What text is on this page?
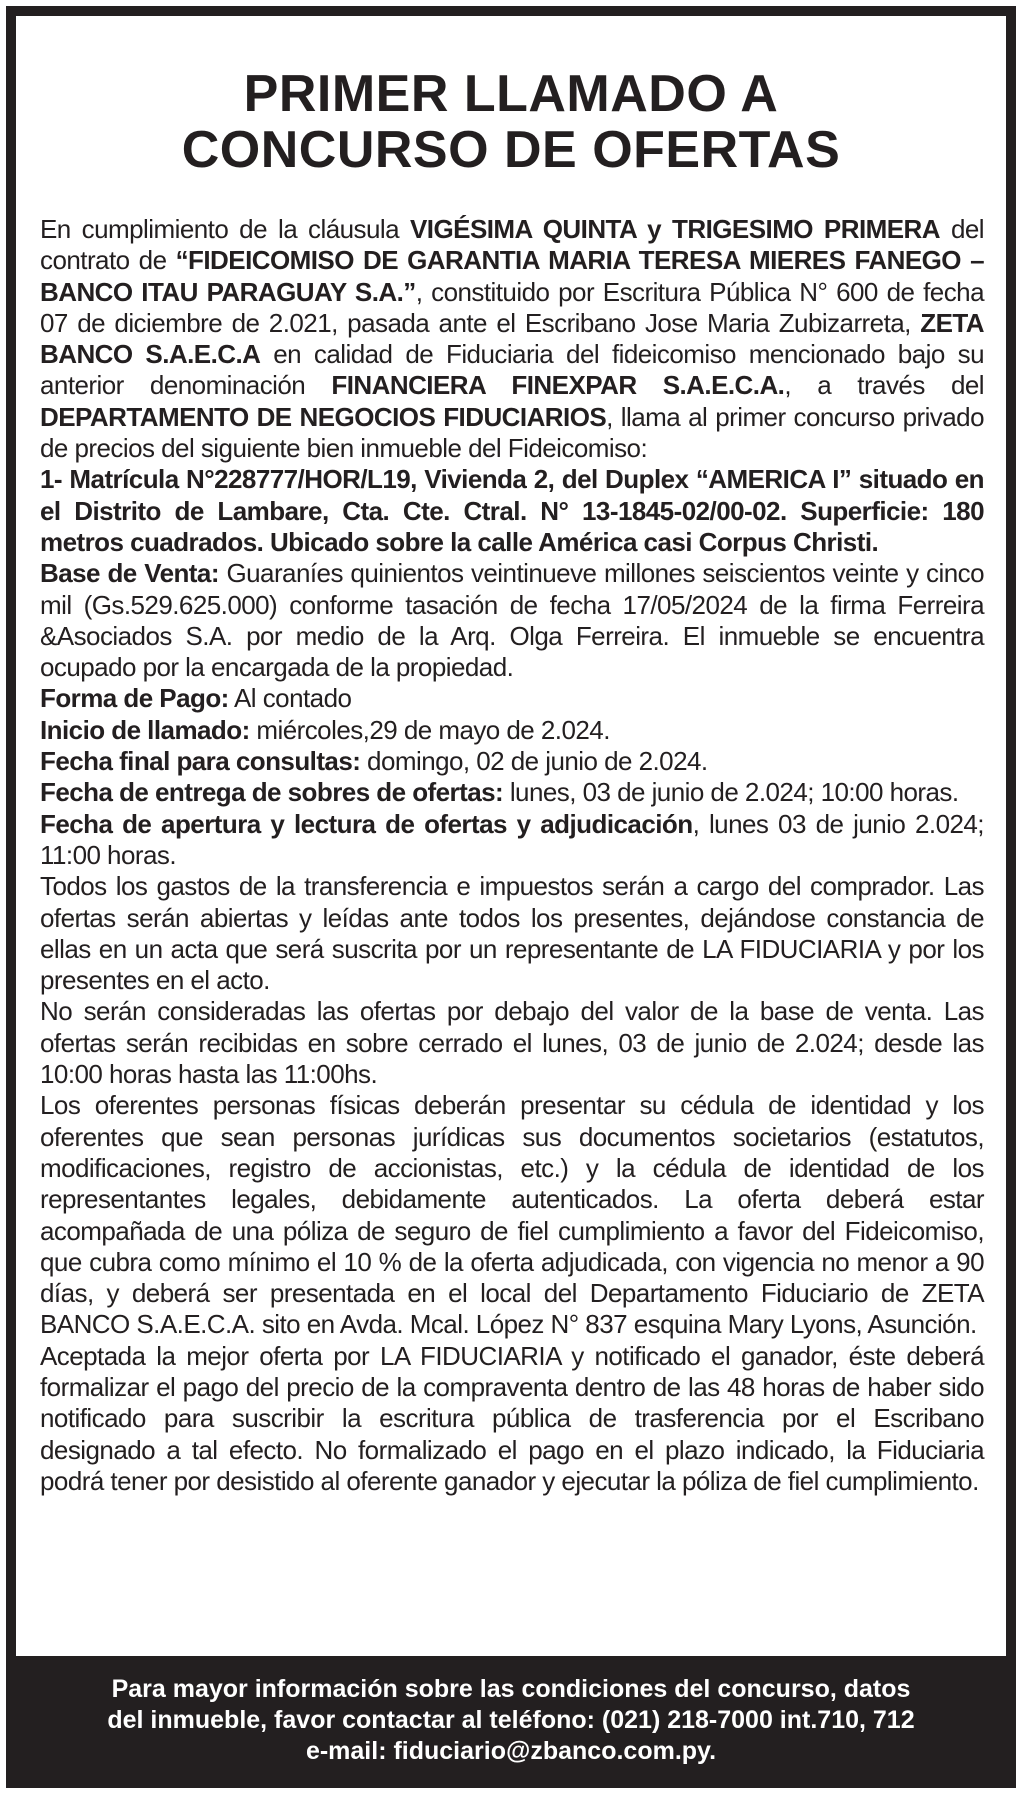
PRIMER LLAMADO A
CONCURSO DE OFERTAS

En cumplimiento de la cláusula VIGÉSIMA QUINTA y TRIGESIMO PRIMERA del contrato de “FIDEICOMISO DE GARANTIA MARIA TERESA MIERES FANEGO – BANCO ITAU PARAGUAY S.A.”, constituido por Escritura Pública N° 600 de fecha 07 de diciembre de 2.021, pasada ante el Escribano Jose Maria Zubizarreta, ZETA BANCO S.A.E.C.A en calidad de Fiduciaria del fideicomiso mencionado bajo su anterior denominación FINANCIERA FINEXPAR S.A.E.C.A., a través del DEPARTAMENTO DE NEGOCIOS FIDUCIARIOS, llama al primer concurso privado de precios del siguiente bien inmueble del Fideicomiso:

1- Matrícula N°228777/HOR/L19, Vivienda 2, del Duplex “AMERICA I” situado en el Distrito de Lambare, Cta. Cte. Ctral. N° 13-1845-02/00-02. Superficie: 180 metros cuadrados. Ubicado sobre la calle América casi Corpus Christi.

Base de Venta: Guaraníes quinientos veintinueve millones seiscientos veinte y cinco mil (Gs.529.625.000) conforme tasación de fecha 17/05/2024 de la firma Ferreira &Asociados S.A. por medio de la Arq. Olga Ferreira. El inmueble se encuentra ocupado por la encargada de la propiedad.

Forma de Pago: Al contado

Inicio de llamado: miércoles,29 de mayo de 2.024.

Fecha final para consultas: domingo, 02 de junio de 2.024.

Fecha de entrega de sobres de ofertas: lunes, 03 de junio de 2.024; 10:00 horas.

Fecha de apertura y lectura de ofertas y adjudicación, lunes 03 de junio 2.024; 11:00 horas.

Todos los gastos de la transferencia e impuestos serán a cargo del comprador. Las ofertas serán abiertas y leídas ante todos los presentes, dejándose constancia de ellas en un acta que será suscrita por un representante de LA FIDUCIARIA y por los presentes en el acto.

No serán consideradas las ofertas por debajo del valor de la base de venta. Las ofertas serán recibidas en sobre cerrado el lunes, 03 de junio de 2.024; desde las 10:00 horas hasta las 11:00hs.

Los oferentes personas físicas deberán presentar su cédula de identidad y los oferentes que sean personas jurídicas sus documentos societarios (estatutos, modificaciones, registro de accionistas, etc.) y la cédula de identidad de los representantes legales, debidamente autenticados. La oferta deberá estar acompañada de una póliza de seguro de fiel cumplimiento a favor del Fideicomiso, que cubra como mínimo el 10 % de la oferta adjudicada, con vigencia no menor a 90 días, y deberá ser presentada en el local del Departamento Fiduciario de ZETA BANCO S.A.E.C.A. sito en Avda. Mcal. López N° 837 esquina Mary Lyons, Asunción.

Aceptada la mejor oferta por LA FIDUCIARIA y notificado el ganador, éste deberá formalizar el pago del precio de la compraventa dentro de las 48 horas de haber sido notificado para suscribir la escritura pública de trasferencia por el Escribano designado a tal efecto. No formalizado el pago en el plazo indicado, la Fiduciaria podrá tener por desistido al oferente ganador y ejecutar la póliza de fiel cumplimiento.

Para mayor información sobre las condiciones del concurso, datos
del inmueble, favor contactar al teléfono: (021) 218-7000 int.710, 712
e-mail: fiduciario@zbanco.com.py.
